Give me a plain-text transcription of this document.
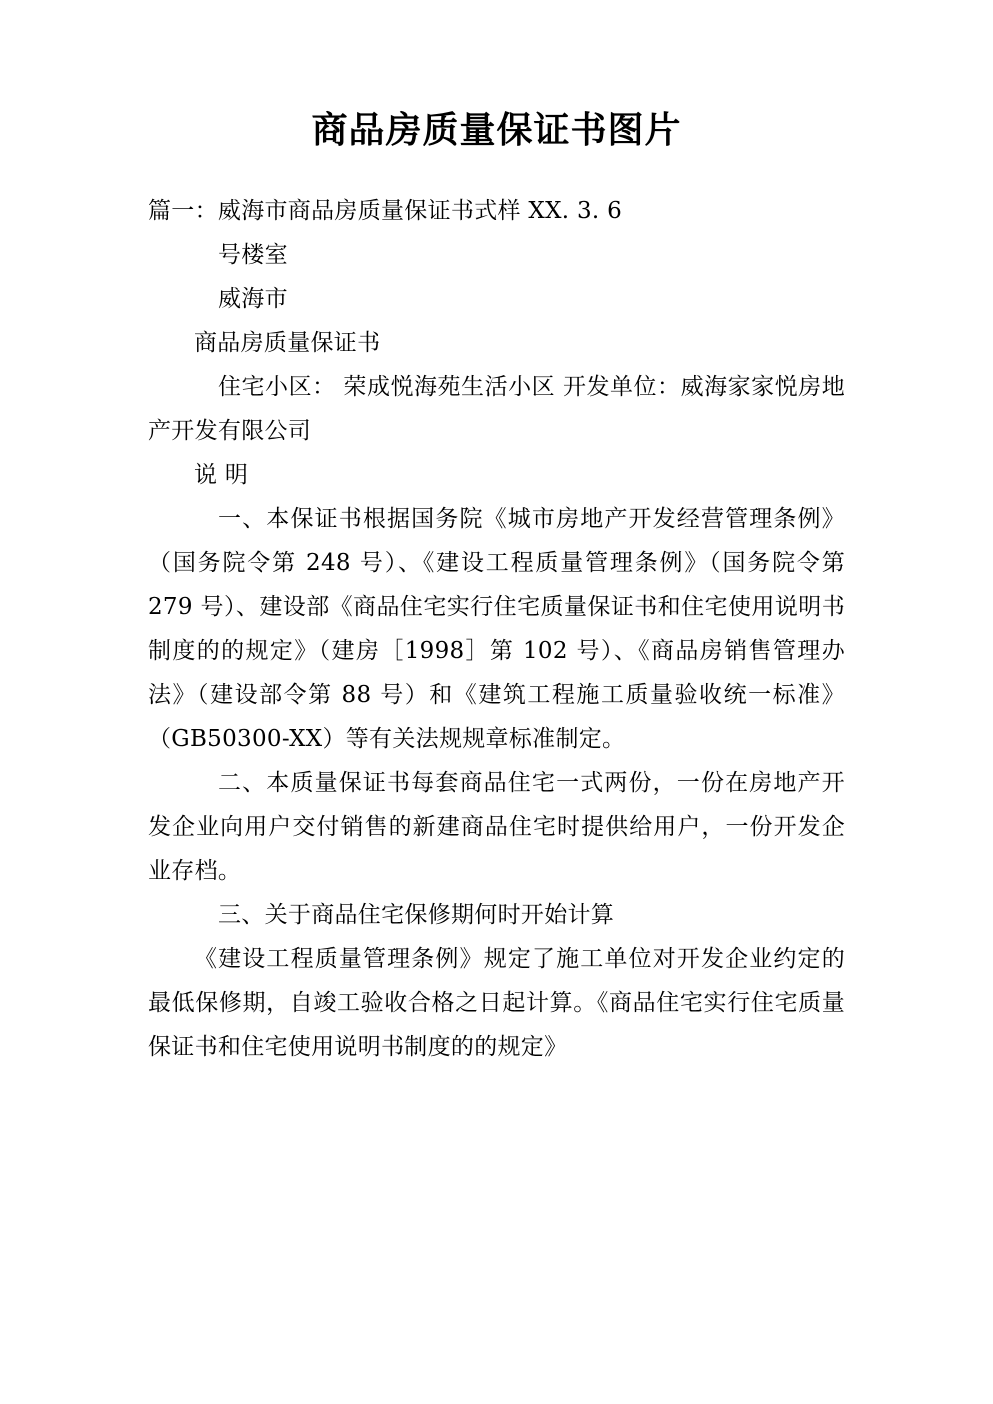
商品房质量保证书图片

篇一：威海市商品房质量保证书式样 XX. 3. 6

号楼室

威海市

商品房质量保证书

住宅小区： 荣成悦海苑生活小区 开发单位：威海家家悦房地产开发有限公司

说 明

一、本保证书根据国务院《城市房地产开发经营管理条例》（国务院令第 248 号）、《建设工程质量管理条例》（国务院令第 279 号）、建设部《商品住宅实行住宅质量保证书和住宅使用说明书制度的的规定》（建房［1998］第 102 号）、《商品房销售管理办法》（建设部令第 88 号）和《建筑工程施工质量验收统一标准》（GB50300-XX）等有关法规规章标准制定。

二、本质量保证书每套商品住宅一式两份，一份在房地产开发企业向用户交付销售的新建商品住宅时提供给用户，一份开发企业存档。

三、关于商品住宅保修期何时开始计算

《建设工程质量管理条例》规定了施工单位对开发企业约定的最低保修期，自竣工验收合格之日起计算。《商品住宅实行住宅质量保证书和住宅使用说明书制度的的规定》
